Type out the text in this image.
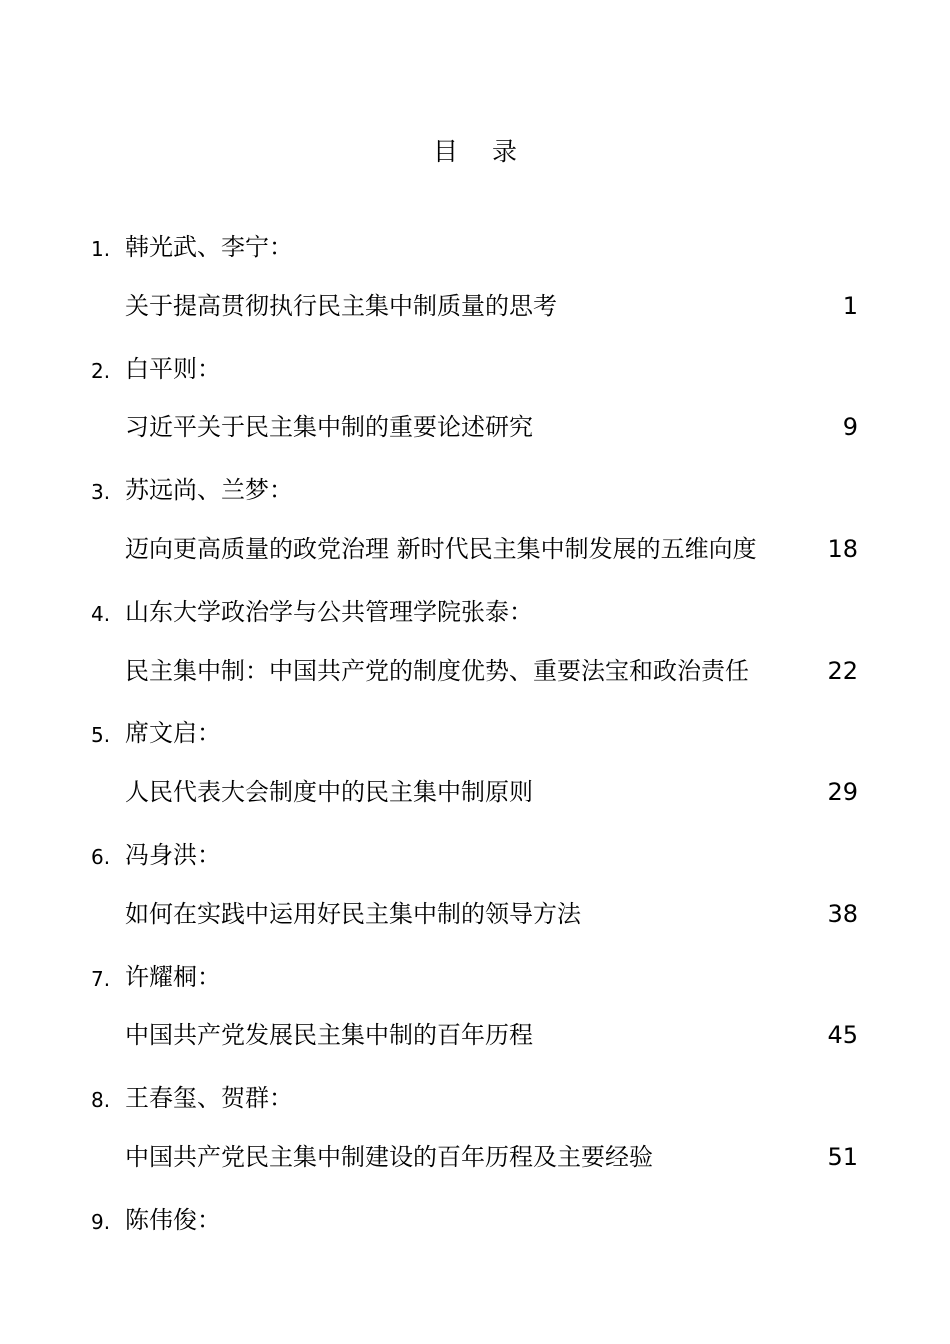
目录
1. 韩光武、李宁：
关于提高贯彻执行民主集中制质量的思考	1
2. 白平则：
习近平关于民主集中制的重要论述研究	9
3. 苏远尚、兰梦：
迈向更高质量的政党治理 新时代民主集中制发展的五维向度	18
4. 山东大学政治学与公共管理学院张泰：
民主集中制：中国共产党的制度优势、重要法宝和政治责任	22
5. 席文启：
人民代表大会制度中的民主集中制原则	29
6. 冯身洪：
如何在实践中运用好民主集中制的领导方法	38
7. 许耀桐：
中国共产党发展民主集中制的百年历程	45
8. 王春玺、贺群：
中国共产党民主集中制建设的百年历程及主要经验	51
9. 陈伟俊：
